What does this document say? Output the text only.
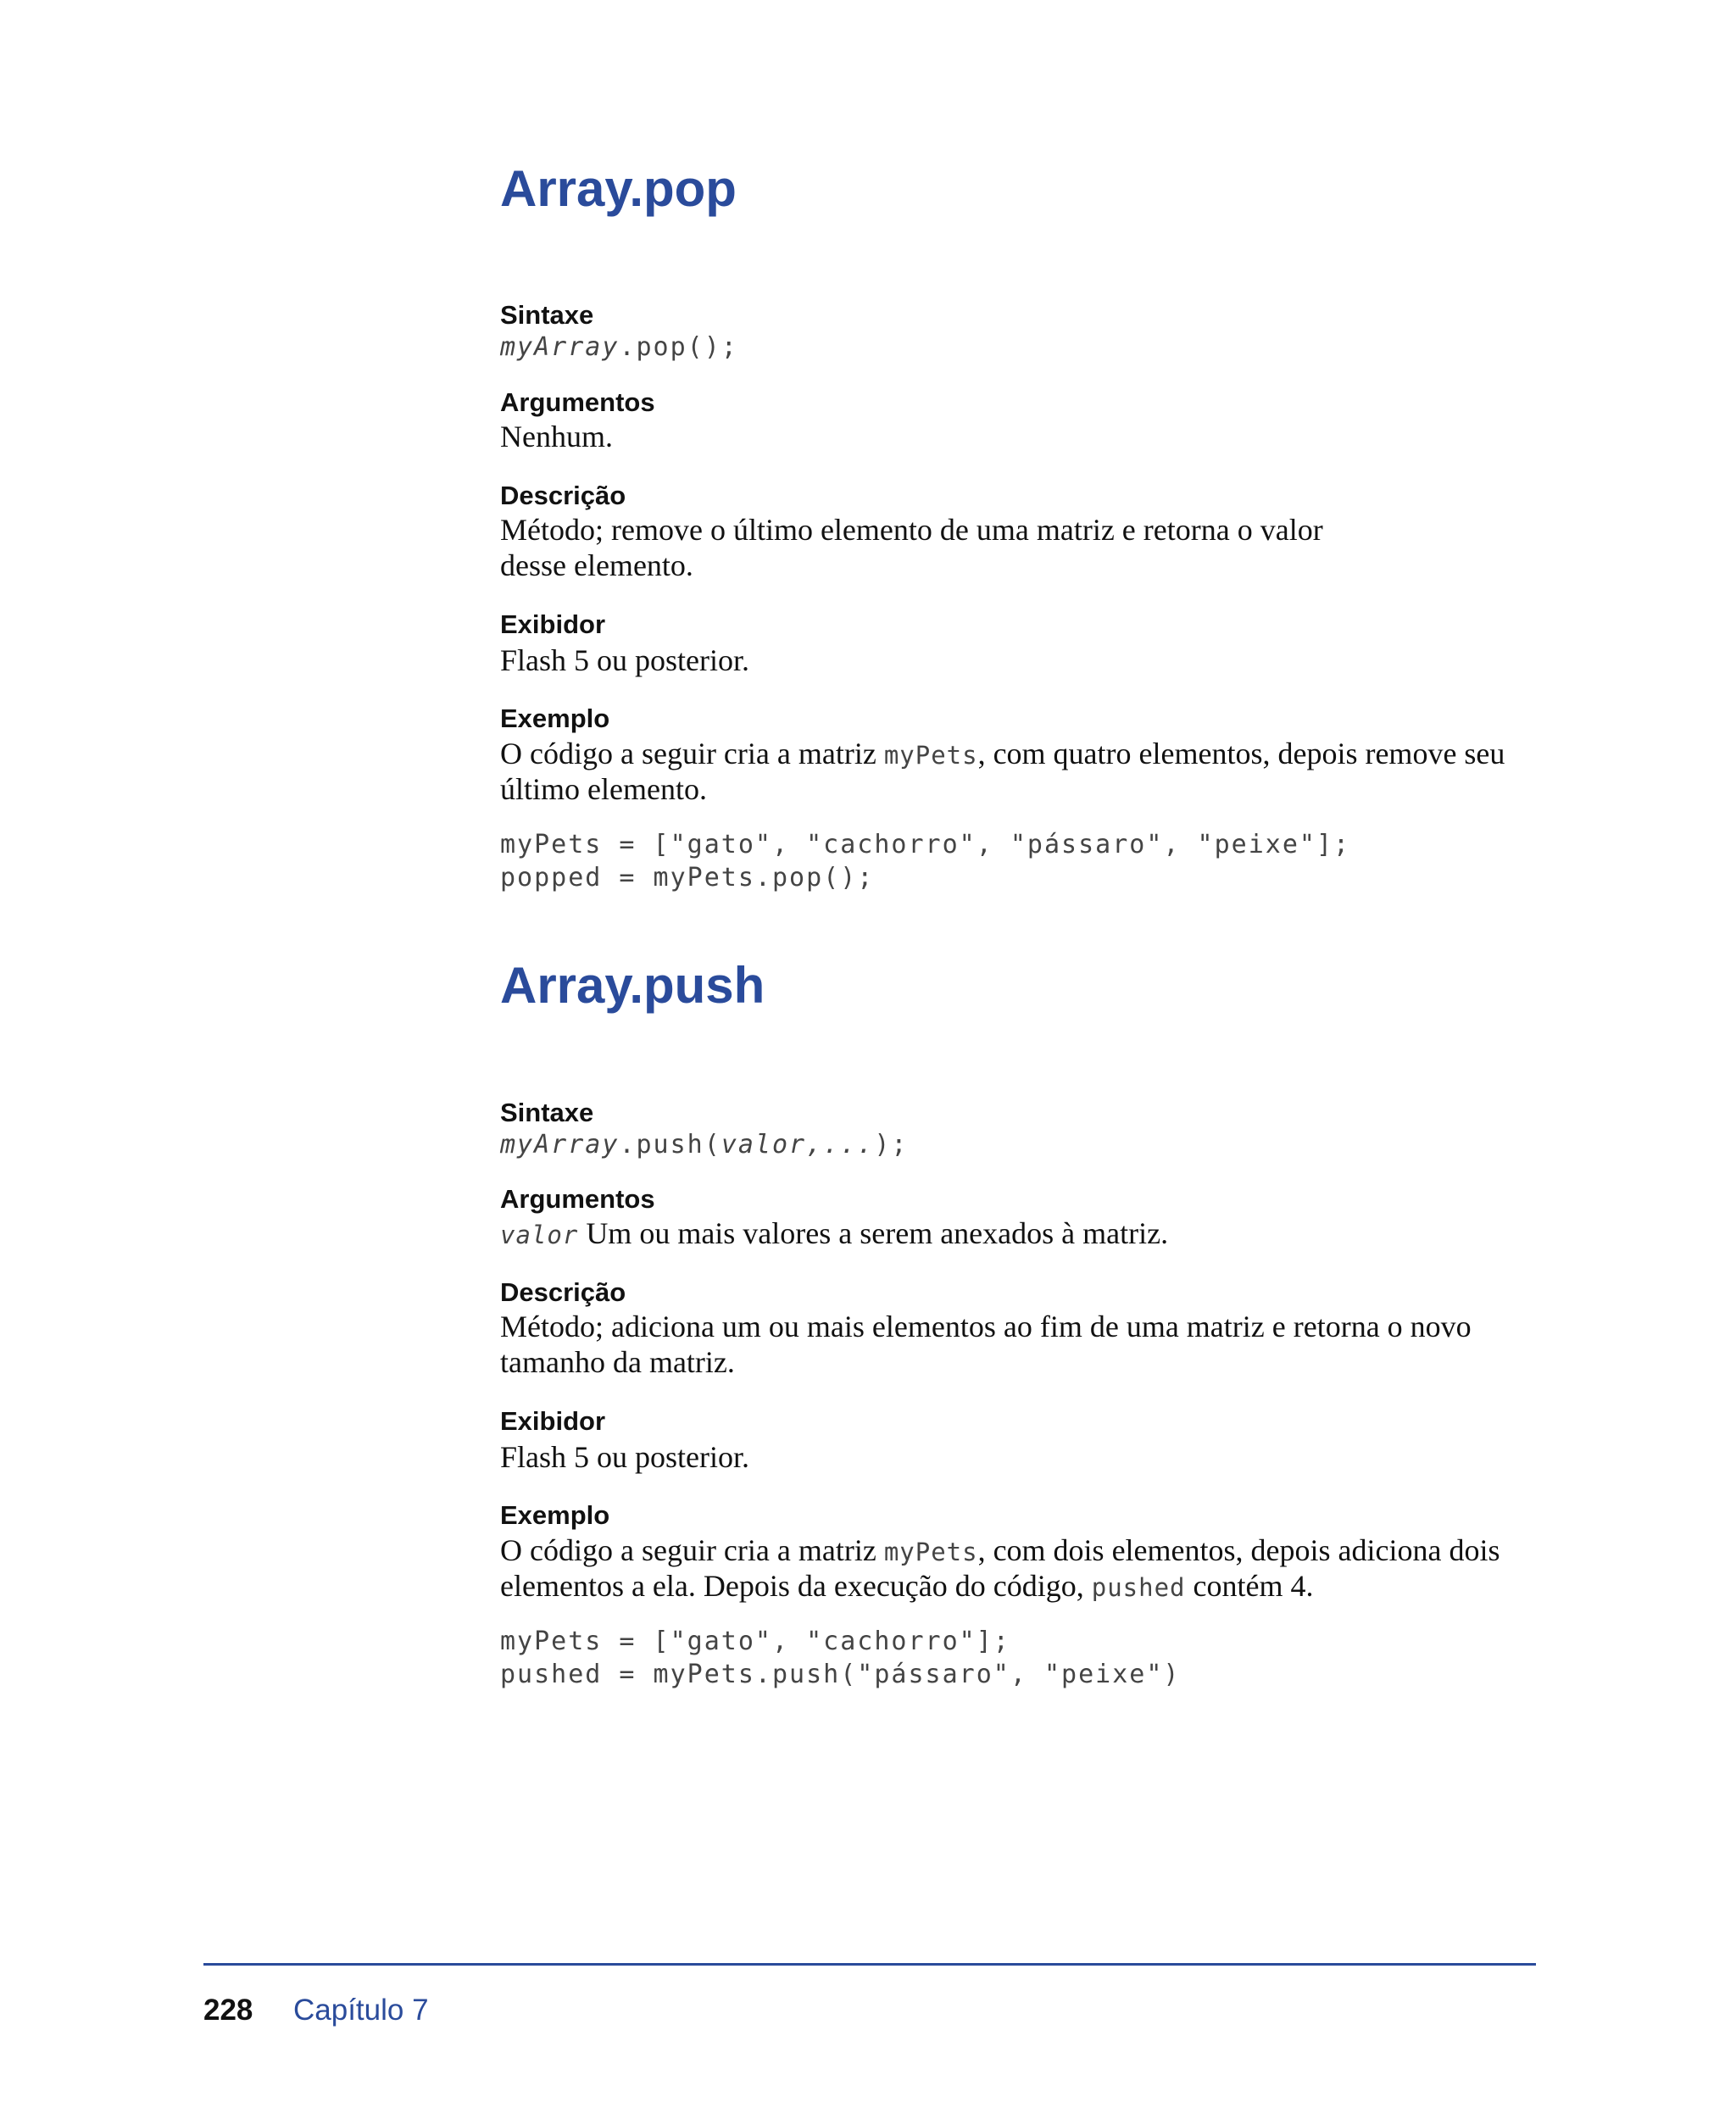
Array.pop
Sintaxe
myArray.pop();
Argumentos
Nenhum.
Descrição
Método; remove o último elemento de uma matriz e retorna o valor
desse elemento.
Exibidor
Flash 5 ou posterior.
Exemplo
O código a seguir cria a matriz myPets, com quatro elementos, depois remove seu
último elemento.
myPets = ["gato", "cachorro", "pássaro", "peixe"];
popped = myPets.pop();
Array.push
Sintaxe
myArray.push(valor,...);
Argumentos
valor Um ou mais valores a serem anexados à matriz.
Descrição
Método; adiciona um ou mais elementos ao fim de uma matriz e retorna o novo
tamanho da matriz.
Exibidor
Flash 5 ou posterior.
Exemplo
O código a seguir cria a matriz myPets, com dois elementos, depois adiciona dois
elementos a ela. Depois da execução do código, pushed contém 4.
myPets = ["gato", "cachorro"];
pushed = myPets.push("pássaro", "peixe")
228 Capítulo 7
